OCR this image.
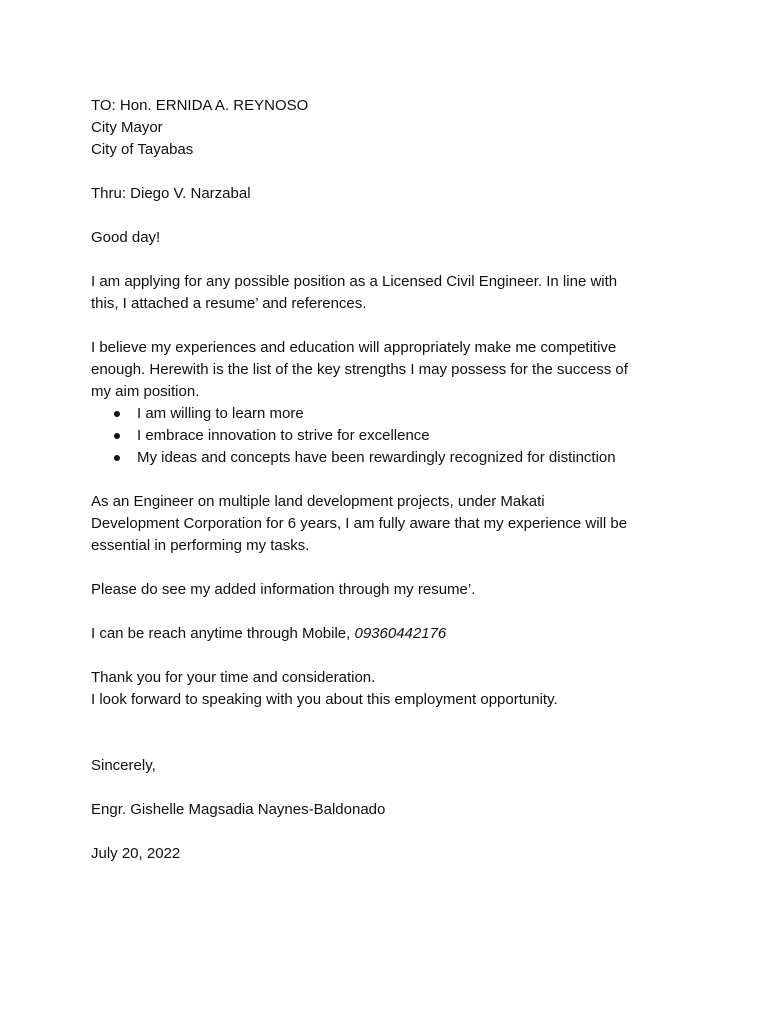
TO: Hon. ERNIDA A. REYNOSO
City Mayor
City of Tayabas
Thru: Diego V. Narzabal
Good day!
I am applying for any possible position as a Licensed Civil Engineer. In line with
this, I attached a resume’ and references.
I believe my experiences and education will appropriately make me competitive
enough. Herewith is the list of the key strengths I may possess for the success of
my aim position.
I am willing to learn more
I embrace innovation to strive for excellence
My ideas and concepts have been rewardingly recognized for distinction
As an Engineer on multiple land development projects, under Makati
Development Corporation for 6 years, I am fully aware that my experience will be
essential in performing my tasks.
Please do see my added information through my resume’.
I can be reach anytime through Mobile, 09360442176
Thank you for your time and consideration.
I look forward to speaking with you about this employment opportunity.
Sincerely,
Engr. Gishelle Magsadia Naynes-Baldonado
July 20, 2022
